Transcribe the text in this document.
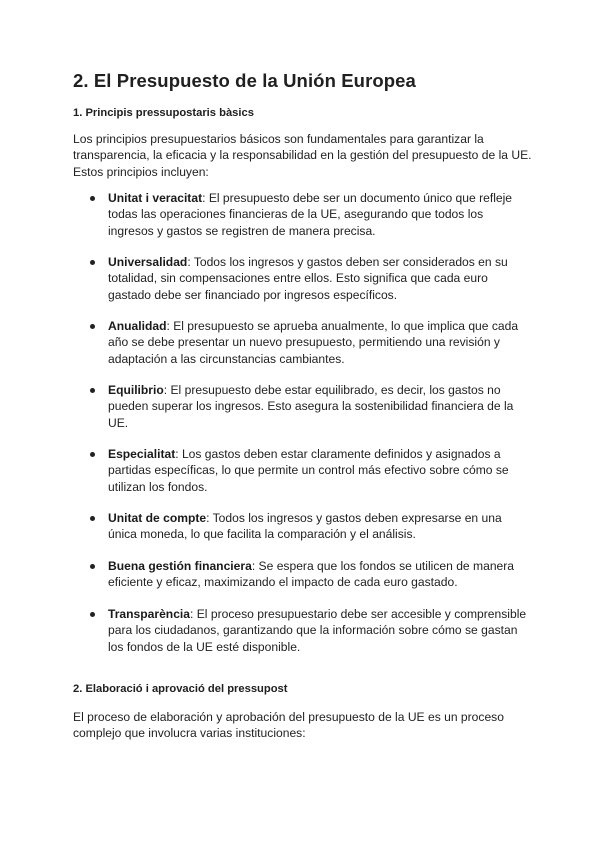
2. El Presupuesto de la Unión Europea
1. Principis pressupostaris bàsics

Los principios presupuestarios básicos son fundamentales para garantizar la transparencia, la eficacia y la responsabilidad en la gestión del presupuesto de la UE. Estos principios incluyen:

Unitat i veracitat: El presupuesto debe ser un documento único que refleje todas las operaciones financieras de la UE, asegurando que todos los ingresos y gastos se registren de manera precisa.
Universalidad: Todos los ingresos y gastos deben ser considerados en su totalidad, sin compensaciones entre ellos. Esto significa que cada euro gastado debe ser financiado por ingresos específicos.
Anualidad: El presupuesto se aprueba anualmente, lo que implica que cada año se debe presentar un nuevo presupuesto, permitiendo una revisión y adaptación a las circunstancias cambiantes.
Equilibrio: El presupuesto debe estar equilibrado, es decir, los gastos no pueden superar los ingresos. Esto asegura la sostenibilidad financiera de la UE.
Especialitat: Los gastos deben estar claramente definidos y asignados a partidas específicas, lo que permite un control más efectivo sobre cómo se utilizan los fondos.
Unitat de compte: Todos los ingresos y gastos deben expresarse en una única moneda, lo que facilita la comparación y el análisis.
Buena gestión financiera: Se espera que los fondos se utilicen de manera eficiente y eficaz, maximizando el impacto de cada euro gastado.
Transparència: El proceso presupuestario debe ser accesible y comprensible para los ciudadanos, garantizando que la información sobre cómo se gastan los fondos de la UE esté disponible.
2. Elaboració i aprovació del pressupost

El proceso de elaboración y aprobación del presupuesto de la UE es un proceso complejo que involucra varias instituciones:
